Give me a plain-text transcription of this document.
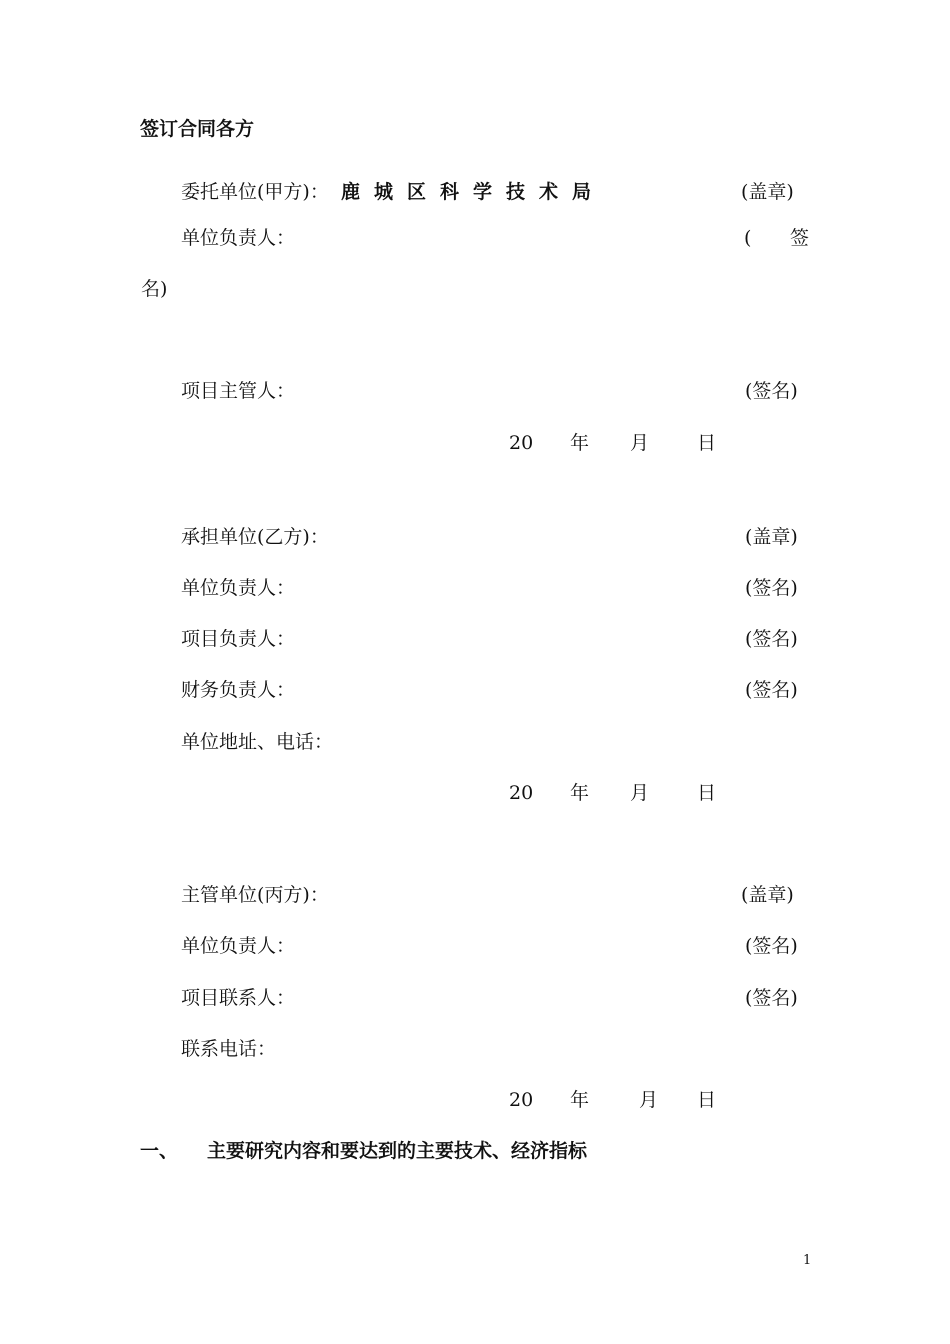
签订合同各方
委托单位(甲方)： 鹿城区科学技术局	(盖章)
单位负责人：	( 签
名)
项目主管人：	(签名)
20 年 月	日
承担单位(乙方)：	(盖章)
单位负责人：	(签名)
项目负责人：	(签名)
财务负责人：	(签名)
单位地址、电话：
20 年 月	日
主管单位(丙方)：	(盖章)
单位负责人：	(签名)
项目联系人：	(签名)
联系电话：
20 年	月 日
一、 主要研究内容和要达到的主要技术、经济指标
1
